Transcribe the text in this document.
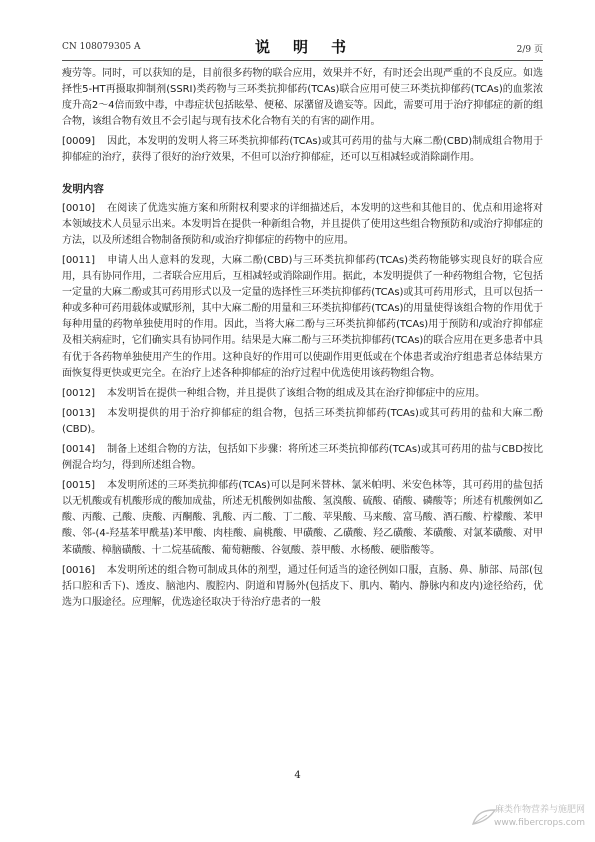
CN 108079305 A	说　明　书	2/9 页

瘦劳等。同时，可以获知的是，目前很多药物的联合应用，效果并不好，有时还会出现严重的不良反应。如选择性5-HT再摄取抑制剂(SSRI)类药物与三环类抗抑郁药(TCAs)联合应用可使三环类抗抑郁药(TCAs)的血浆浓度升高2～4倍而致中毒，中毒症状包括眩晕、便秘、尿潴留及谵妄等。因此，需要可用于治疗抑郁症的新的组合物，该组合物有效且不会引起与现有技术化合物有关的有害的副作用。

[0009] 因此，本发明的发明人将三环类抗抑郁药(TCAs)或其可药用的盐与大麻二酚(CBD)制成组合物用于抑郁症的治疗，获得了很好的治疗效果，不但可以治疗抑郁症，还可以互相减轻或消除副作用。

发明内容

[0010] 在阅读了优选实施方案和所附权利要求的详细描述后，本发明的这些和其他目的、优点和用途将对本领域技术人员显示出来。本发明旨在提供一种新组合物，并且提供了使用这些组合物预防和/或治疗抑郁症的方法，以及所述组合物制备预防和/或治疗抑郁症的药物中的应用。

[0011] 申请人出人意料的发现，大麻二酚(CBD)与三环类抗抑郁药(TCAs)类药物能够实现良好的联合应用，具有协同作用，二者联合应用后，互相减轻或消除副作用。据此，本发明提供了一种药物组合物，它包括一定量的大麻二酚或其可药用形式以及一定量的选择性三环类抗抑郁药(TCAs)或其可药用形式，且可以包括一种或多种可药用载体或赋形剂，其中大麻二酚的用量和三环类抗抑郁药(TCAs)的用量使得该组合物的作用优于每种用量的药物单独使用时的作用。因此，当将大麻二酚与三环类抗抑郁药(TCAs)用于预防和/或治疗抑郁症及相关病症时，它们确实具有协同作用。结果是大麻二酚与三环类抗抑郁药(TCAs)的联合应用在更多患者中具有优于各药物单独使用产生的作用。这种良好的作用可以使副作用更低或在个体患者或治疗组患者总体结果方面恢复得更快或更完全。在治疗上述各种抑郁症的治疗过程中优选使用该药物组合物。

[0012] 本发明旨在提供一种组合物，并且提供了该组合物的组成及其在治疗抑郁症中的应用。

[0013] 本发明提供的用于治疗抑郁症的组合物，包括三环类抗抑郁药(TCAs)或其可药用的盐和大麻二酚(CBD)。

[0014] 制备上述组合物的方法，包括如下步骤：将所述三环类抗抑郁药(TCAs)或其可药用的盐与CBD按比例混合均匀，得到所述组合物。

[0015] 本发明所述的三环类抗抑郁药(TCAs)可以是阿米替林、氯米帕明、米安色林等，其可药用的盐包括以无机酸或有机酸形成的酸加成盐，所述无机酸例如盐酸、氢溴酸、硫酸、硝酸、磷酸等；所述有机酸例如乙酸、丙酸、己酸、庚酸、丙酮酸、乳酸、丙二酸、丁二酸、苹果酸、马来酸、富马酸、酒石酸、柠檬酸、苯甲酸、邻-(4-羟基苯甲酰基)苯甲酸、肉桂酸、扁桃酸、甲磺酸、乙磺酸、羟乙磺酸、苯磺酸、对氯苯磺酸、对甲苯磺酸、樟脑磺酸、十二烷基硫酸、葡萄糖酸、谷氨酸、萘甲酸、水杨酸、硬脂酸等。

[0016] 本发明所述的组合物可制成具体的剂型，通过任何适当的途径例如口服，直肠、鼻、肺部、局部(包括口腔和舌下)、透皮、脑池内、腹腔内、阴道和胃肠外(包括皮下、肌内、鞘内、静脉内和皮内)途径给药，优选为口服途径。应理解，优选途径取决于待治疗患者的一般

4
麻类作物营养与施肥网
www.fibercrops.com
